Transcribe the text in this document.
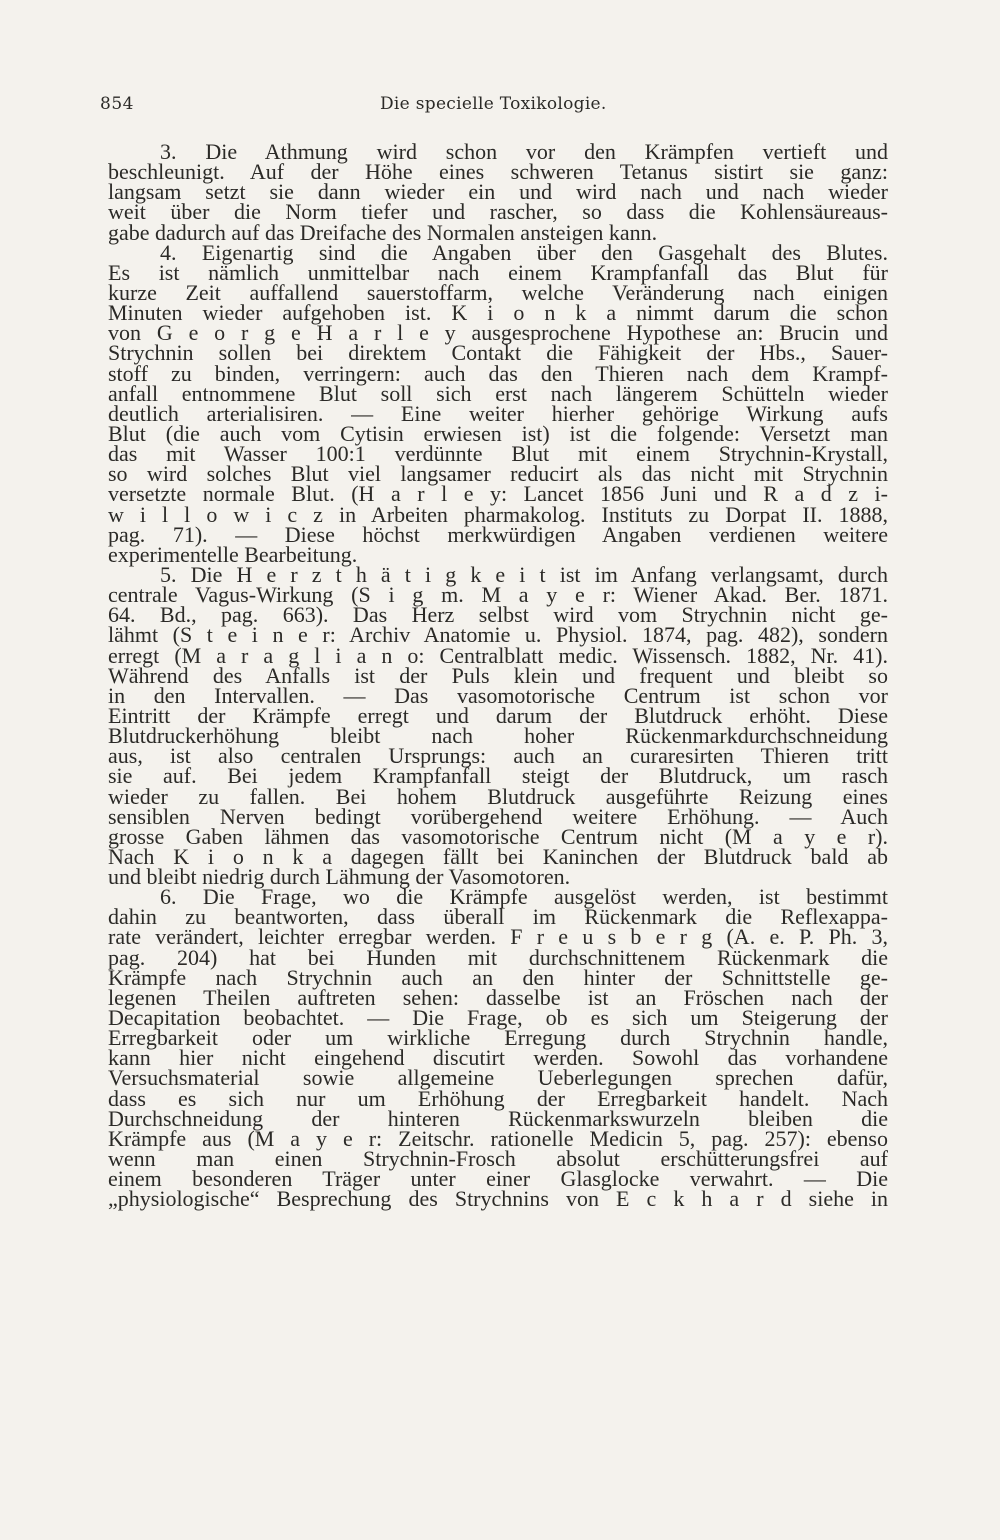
854	Die specielle Toxikologie.
3. Die Athmung wird schon vor den Krämpfen vertieft und
beschleunigt. Auf der Höhe eines schweren Tetanus sistirt sie ganz:
langsam setzt sie dann wieder ein und wird nach und nach wieder
weit über die Norm tiefer und rascher, so dass die Kohlensäureaus-
gabe dadurch auf das Dreifache des Normalen ansteigen kann.
4. Eigenartig sind die Angaben über den Gasgehalt des Blutes.
Es ist nämlich unmittelbar nach einem Krampfanfall das Blut für
kurze Zeit auffallend sauerstoffarm, welche Veränderung nach einigen
Minuten wieder aufgehoben ist. K i o n k a nimmt darum die schon
von G e o r g e H a r l e y ausgesprochene Hypothese an: Brucin und
Strychnin sollen bei direktem Contakt die Fähigkeit der Hbs., Sauer-
stoff zu binden, verringern: auch das den Thieren nach dem Krampf-
anfall entnommene Blut soll sich erst nach längerem Schütteln wieder
deutlich arterialisiren. — Eine weiter hierher gehörige Wirkung aufs
Blut (die auch vom Cytisin erwiesen ist) ist die folgende: Versetzt man
das mit Wasser 100:1 verdünnte Blut mit einem Strychnin-Krystall,
so wird solches Blut viel langsamer reducirt als das nicht mit Strychnin
versetzte normale Blut. (H a r l e y: Lancet 1856 Juni und R a d z i-
w i l l o w i c z in Arbeiten pharmakolog. Instituts zu Dorpat II. 1888,
pag. 71). — Diese höchst merkwürdigen Angaben verdienen weitere
experimentelle Bearbeitung.
5. Die H e r z t h ä t i g k e i t ist im Anfang verlangsamt, durch
centrale Vagus-Wirkung (S i g m. M a y e r: Wiener Akad. Ber. 1871.
64. Bd., pag. 663). Das Herz selbst wird vom Strychnin nicht ge-
lähmt (S t e i n e r: Archiv Anatomie u. Physiol. 1874, pag. 482), sondern
erregt (M a r a g l i a n o: Centralblatt medic. Wissensch. 1882, Nr. 41).
Während des Anfalls ist der Puls klein und frequent und bleibt so
in den Intervallen. — Das vasomotorische Centrum ist schon vor
Eintritt der Krämpfe erregt und darum der Blutdruck erhöht. Diese
Blutdruckerhöhung bleibt nach hoher Rückenmarkdurchschneidung
aus, ist also centralen Ursprungs: auch an curaresirten Thieren tritt
sie auf. Bei jedem Krampfanfall steigt der Blutdruck, um rasch
wieder zu fallen. Bei hohem Blutdruck ausgeführte Reizung eines
sensiblen Nerven bedingt vorübergehend weitere Erhöhung. — Auch
grosse Gaben lähmen das vasomotorische Centrum nicht (M a y e r).
Nach K i o n k a dagegen fällt bei Kaninchen der Blutdruck bald ab
und bleibt niedrig durch Lähmung der Vasomotoren.
6. Die Frage, wo die Krämpfe ausgelöst werden, ist bestimmt
dahin zu beantworten, dass überall im Rückenmark die Reflexappa-
rate verändert, leichter erregbar werden. F r e u s b e r g (A. e. P. Ph. 3,
pag. 204) hat bei Hunden mit durchschnittenem Rückenmark die
Krämpfe nach Strychnin auch an den hinter der Schnittstelle ge-
legenen Theilen auftreten sehen: dasselbe ist an Fröschen nach der
Decapitation beobachtet. — Die Frage, ob es sich um Steigerung der
Erregbarkeit oder um wirkliche Erregung durch Strychnin handle,
kann hier nicht eingehend discutirt werden. Sowohl das vorhandene
Versuchsmaterial sowie allgemeine Ueberlegungen sprechen dafür,
dass es sich nur um Erhöhung der Erregbarkeit handelt. Nach
Durchschneidung der hinteren Rückenmarkswurzeln bleiben die
Krämpfe aus (M a y e r: Zeitschr. rationelle Medicin 5, pag. 257): ebenso
wenn man einen Strychnin-Frosch absolut erschütterungsfrei auf
einem besonderen Träger unter einer Glasglocke verwahrt. — Die
„physiologische“ Besprechung des Strychnins von E c k h a r d siehe in
